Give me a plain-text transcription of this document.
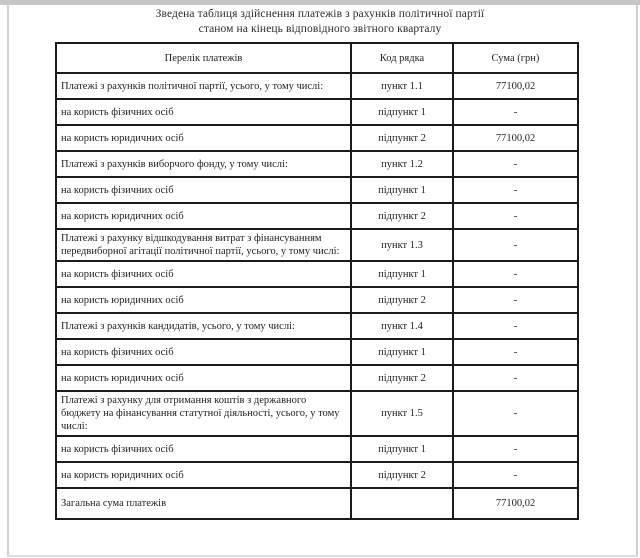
Зведена таблиця здійснення платежів з рахунків політичної партії
станом на кінець відповідного звітного кварталу
Перелік платежів	Код рядка	Сума (грн)
Платежі з рахунків політичної партії, усього, у тому числі:	пункт 1.1	77100,02
на користь фізичних осіб	підпункт 1	-
на користь юридичних осіб	підпункт 2	77100,02
Платежі з рахунків виборчого фонду, у тому числі:	пункт 1.2	-
на користь фізичних осіб	підпункт 1	-
на користь юридичних осіб	підпункт 2	-
Платежі з рахунку відшкодування витрат з фінансуванням передвиборної агітації політичної партії, усього, у тому числі:	пункт 1.3	-
на користь фізичних осіб	підпункт 1	-
на користь юридичних осіб	підпункт 2	-
Платежі з рахунків кандидатів, усього, у тому числі:	пункт 1.4	-
на користь фізичних осіб	підпункт 1	-
на користь юридичних осіб	підпункт 2	-
Платежі з рахунку для отримання коштів з державного бюджету на фінансування статутної діяльності, усього, у тому числі:	пункт 1.5	-
на користь фізичних осіб	підпункт 1	-
на користь юридичних осіб	підпункт 2	-
Загальна сума платежів		77100,02
